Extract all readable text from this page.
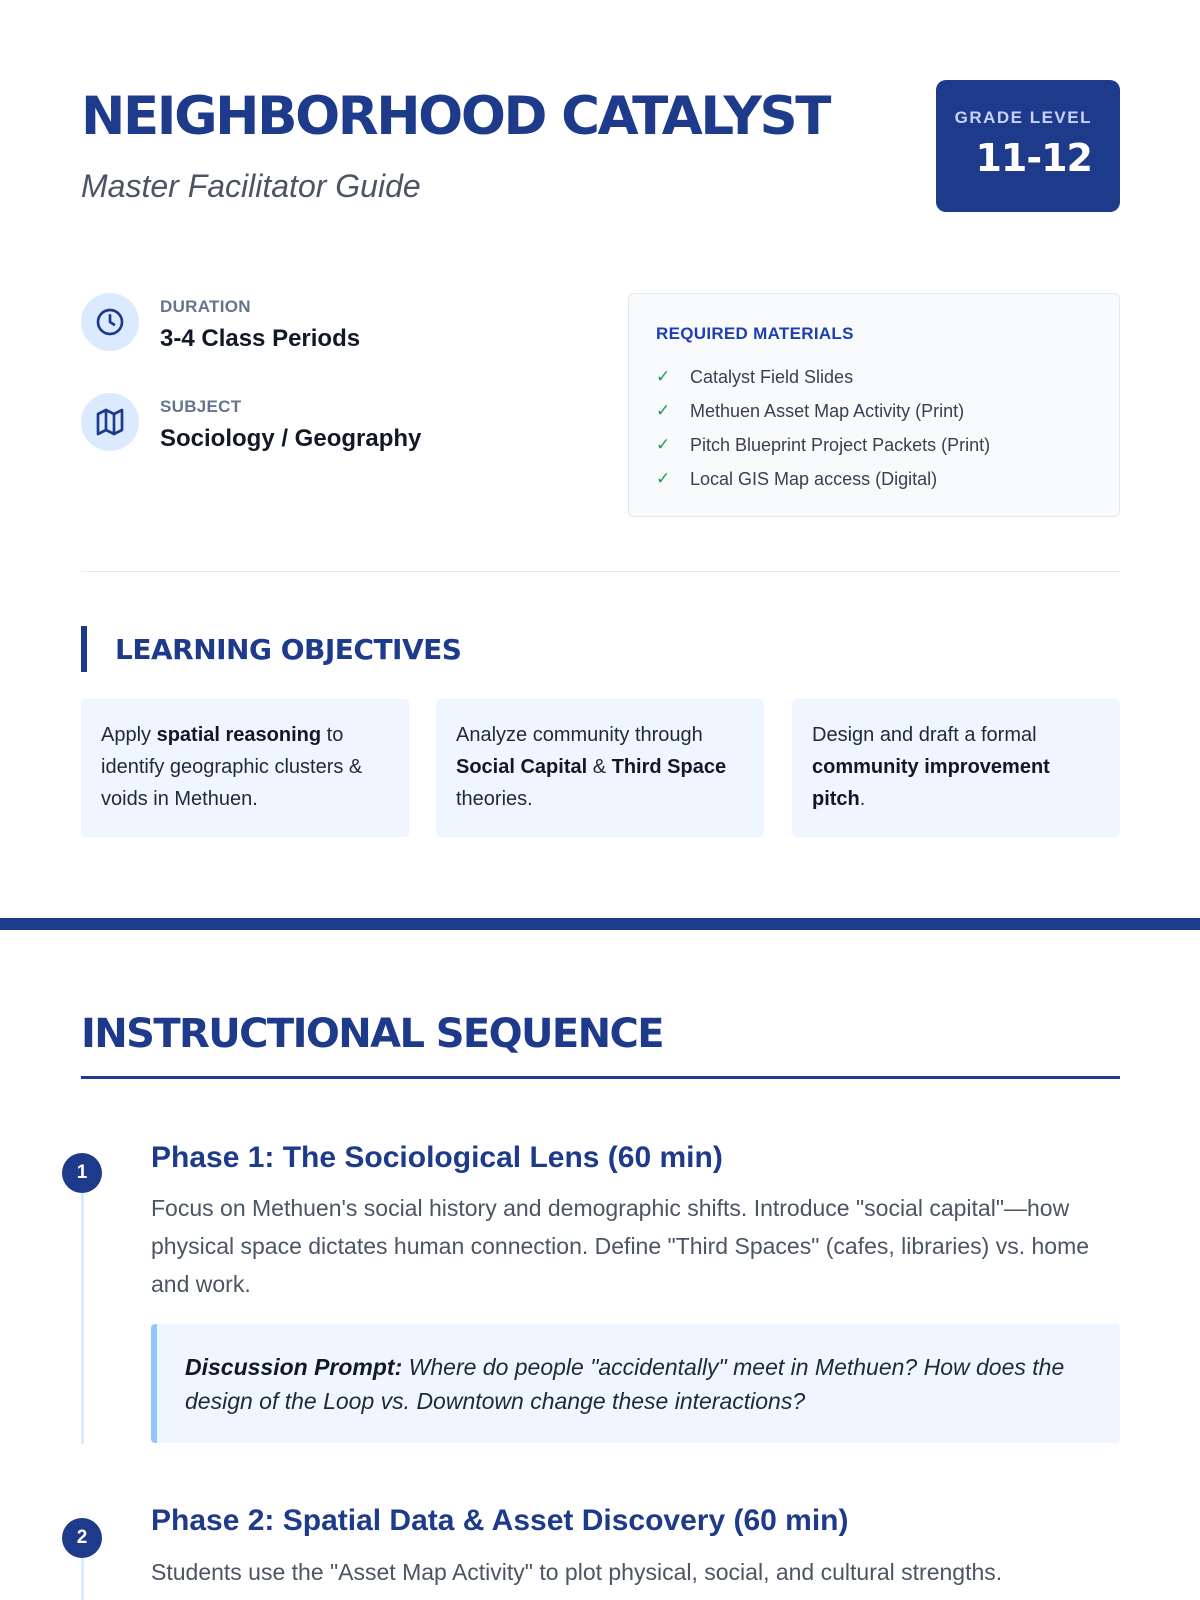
NEIGHBORHOOD CATALYST
Master Facilitator Guide
GRADE LEVEL
11-12
DURATION
3-4 Class Periods
SUBJECT
Sociology / Geography
REQUIRED MATERIALS
✓	Catalyst Field Slides
✓	Methuen Asset Map Activity (Print)
✓	Pitch Blueprint Project Packets (Print)
✓	Local GIS Map access (Digital)
LEARNING OBJECTIVES
Apply spatial reasoning to identify geographic clusters & voids in Methuen.
Analyze community through Social Capital & Third Space theories.
Design and draft a formal community improvement pitch.
INSTRUCTIONAL SEQUENCE
1	Phase 1: The Sociological Lens (60 min)

Focus on Methuen's social history and demographic shifts. Introduce "social capital"—how physical space dictates human connection. Define "Third Spaces" (cafes, libraries) vs. home and work.

Discussion Prompt: Where do people "accidentally" meet in Methuen? How does the design of the Loop vs. Downtown change these interactions?
2
Phase 2: Spatial Data & Asset Discovery (60 min)

Students use the "Asset Map Activity" to plot physical, social, and cultural strengths.
